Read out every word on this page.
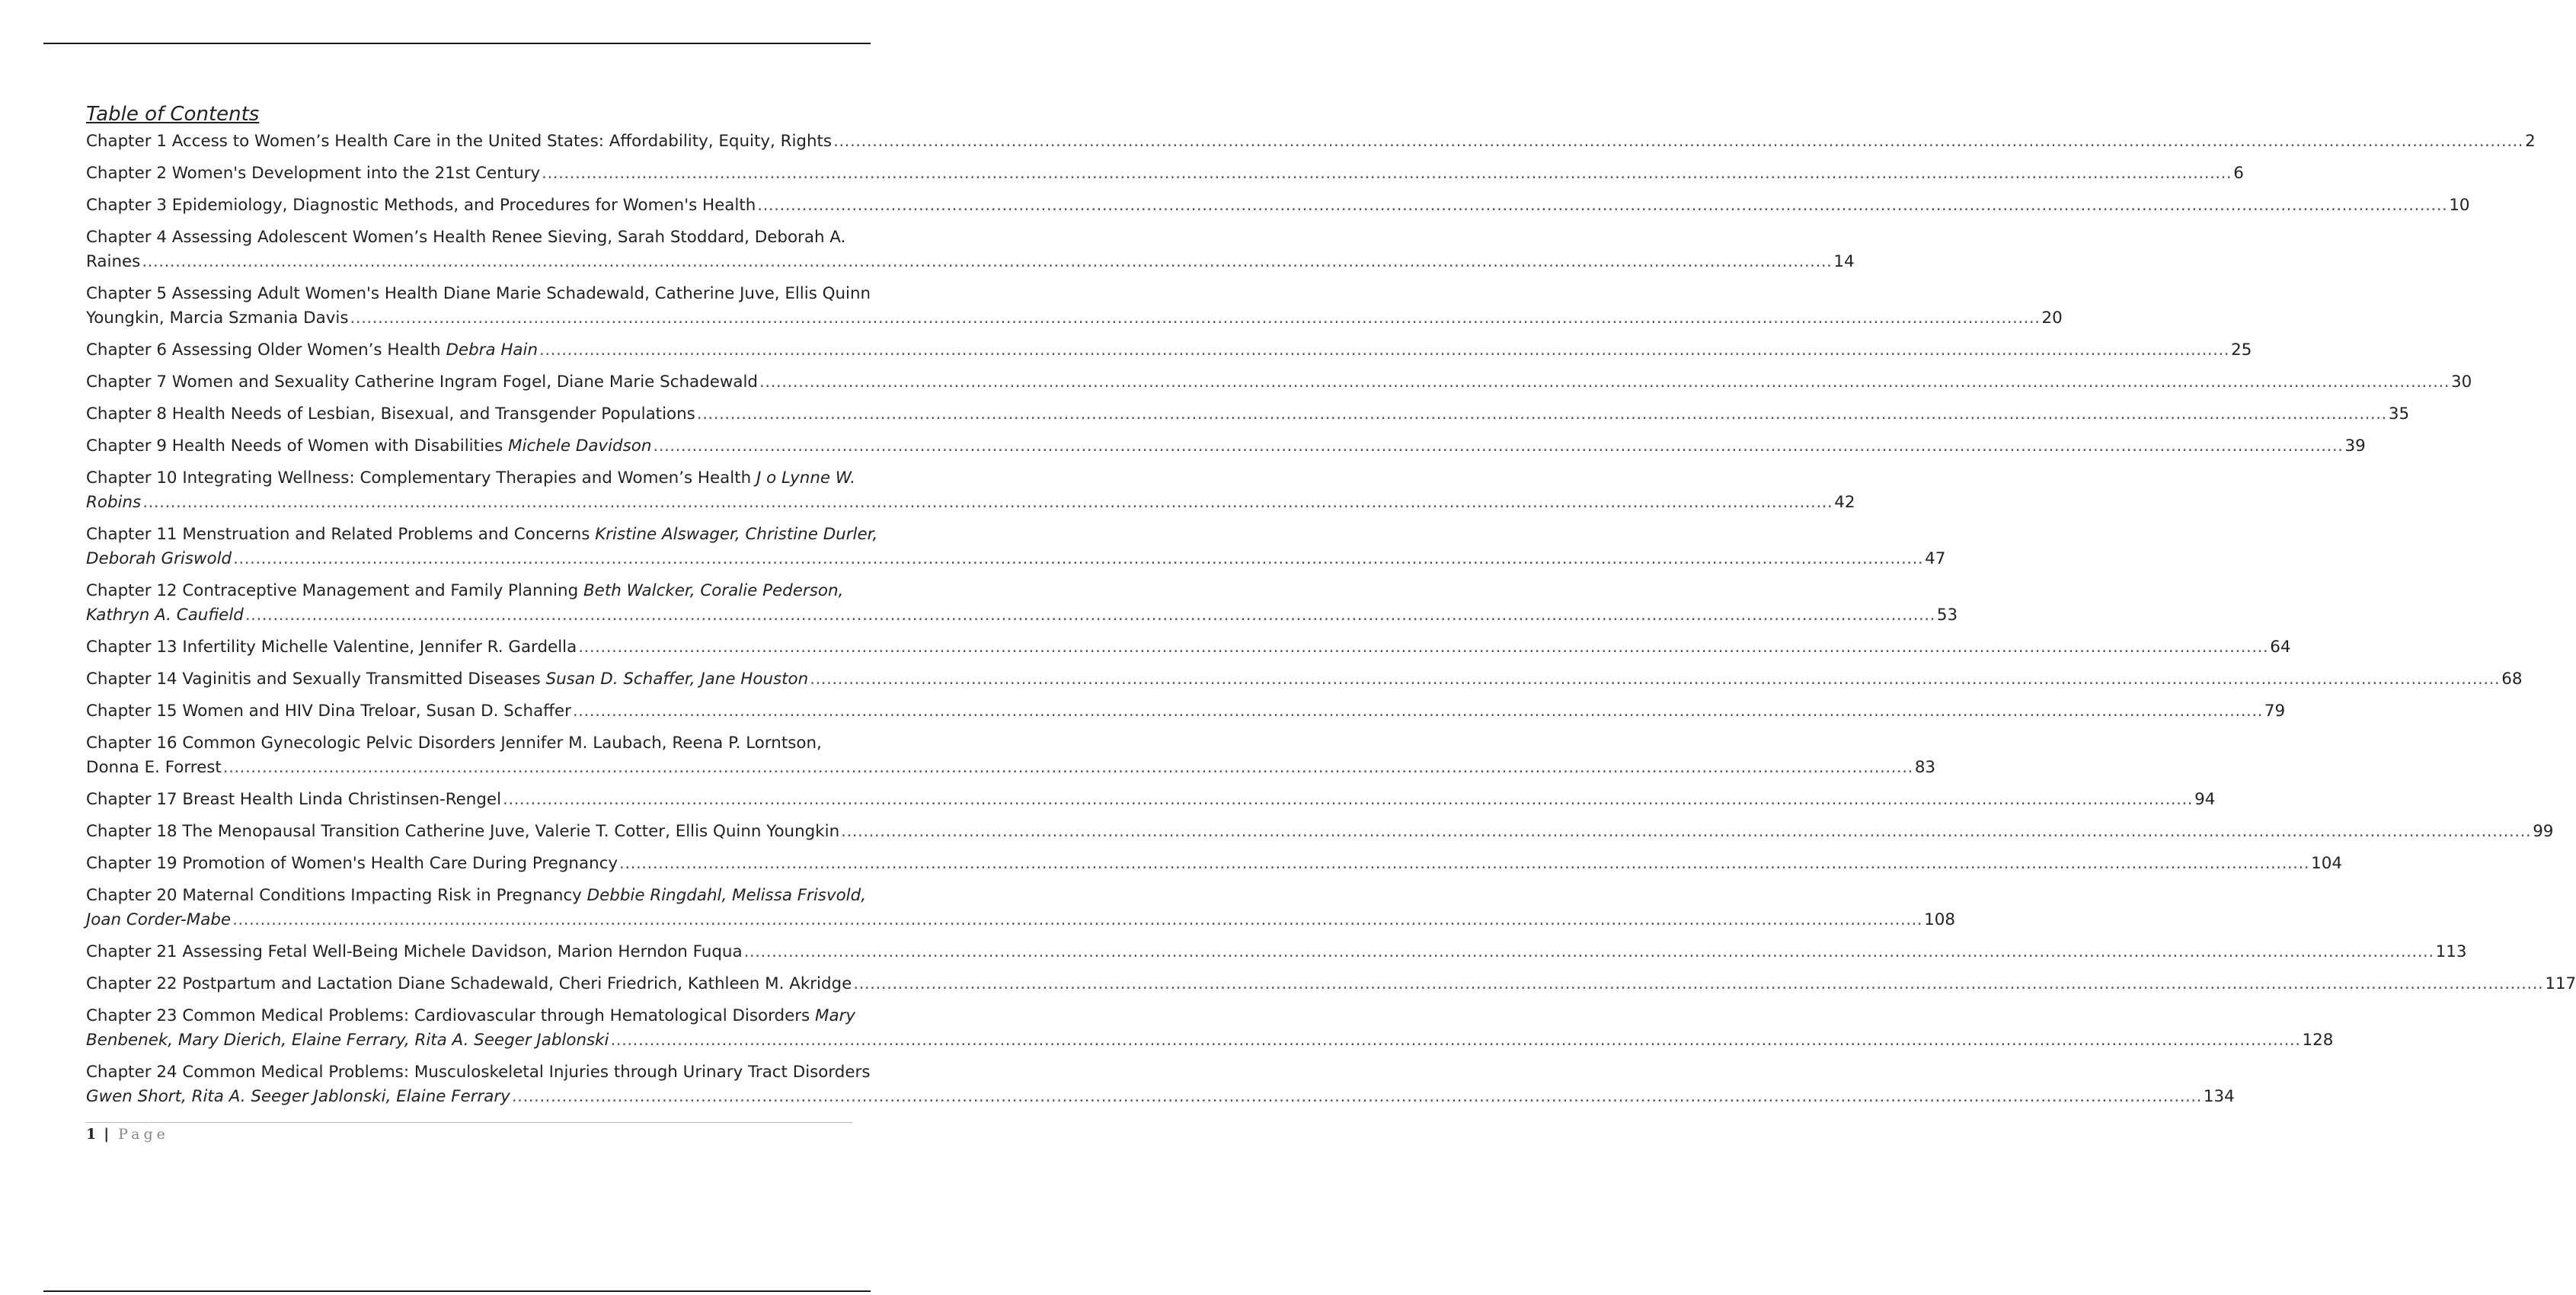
Table of Contents
Chapter 1 Access to Women’s Health Care in the United States: Affordability, Equity, Rights .....	2
Chapter 2 Women's Development into the 21st Century .....	6
Chapter 3 Epidemiology, Diagnostic Methods, and Procedures for Women's Health .....	10
Chapter 4 Assessing Adolescent Women’s Health Renee Sieving, Sarah Stoddard, Deborah A.
Raines .....	14
Chapter 5 Assessing Adult Women's Health Diane Marie Schadewald, Catherine Juve, Ellis Quinn
Youngkin, Marcia Szmania Davis .....	20
Chapter 6 Assessing Older Women’s Health Debra Hain .....	25
Chapter 7 Women and Sexuality Catherine Ingram Fogel, Diane Marie Schadewald .....	30
Chapter 8 Health Needs of Lesbian, Bisexual, and Transgender Populations .....	35
Chapter 9 Health Needs of Women with Disabilities Michele Davidson .....	39
Chapter 10 Integrating Wellness: Complementary Therapies and Women’s Health J o Lynne W.
Robins .....	42
Chapter 11 Menstruation and Related Problems and Concerns Kristine Alswager, Christine Durler,
Deborah Griswold .....	47
Chapter 12 Contraceptive Management and Family Planning Beth Walcker, Coralie Pederson,
Kathryn A. Caufield .....	53
Chapter 13 Infertility Michelle Valentine, Jennifer R. Gardella .....	64
Chapter 14 Vaginitis and Sexually Transmitted Diseases Susan D. Schaffer, Jane Houston .....	68
Chapter 15 Women and HIV Dina Treloar, Susan D. Schaffer .....	79
Chapter 16 Common Gynecologic Pelvic Disorders Jennifer M. Laubach, Reena P. Lorntson,
Donna E. Forrest .....	83
Chapter 17 Breast Health Linda Christinsen-Rengel .....	94
Chapter 18 The Menopausal Transition Catherine Juve, Valerie T. Cotter, Ellis Quinn Youngkin .....	99
Chapter 19 Promotion of Women's Health Care During Pregnancy .....	104
Chapter 20 Maternal Conditions Impacting Risk in Pregnancy Debbie Ringdahl, Melissa Frisvold,
Joan Corder-Mabe .....	108
Chapter 21 Assessing Fetal Well-Being Michele Davidson, Marion Herndon Fuqua .....	113
Chapter 22 Postpartum and Lactation Diane Schadewald, Cheri Friedrich, Kathleen M. Akridge .....	117
Chapter 23 Common Medical Problems: Cardiovascular through Hematological Disorders Mary
Benbenek, Mary Dierich, Elaine Ferrary, Rita A. Seeger Jablonski .....	128
Chapter 24 Common Medical Problems: Musculoskeletal Injuries through Urinary Tract Disorders
Gwen Short, Rita A. Seeger Jablonski, Elaine Ferrary .....	134
1 | Page
